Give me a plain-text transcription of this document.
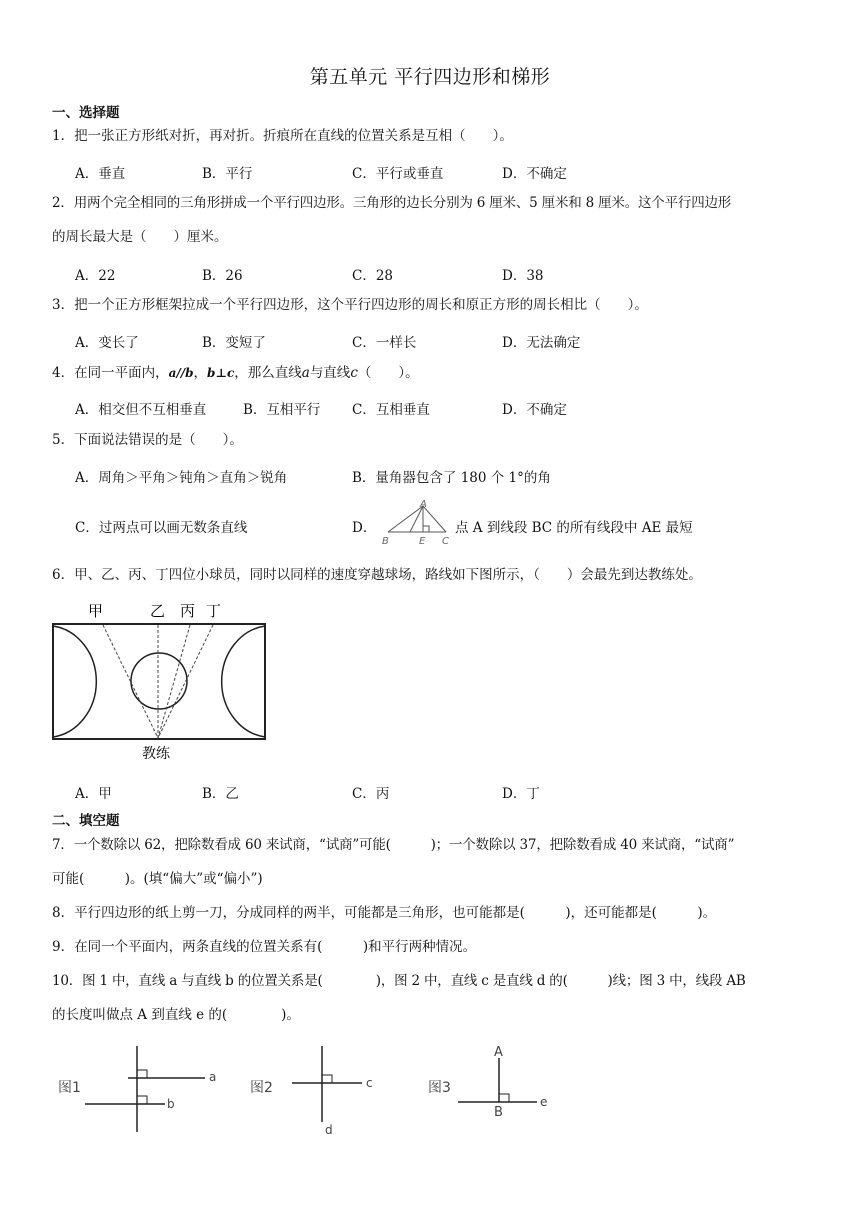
第五单元 平行四边形和梯形
一、选择题
1．把一张正方形纸对折，再对折。折痕所在直线的位置关系是互相（　　）。
A．垂直	B．平行	C．平行或垂直	D．不确定
2．用两个完全相同的三角形拼成一个平行四边形。三角形的边长分别为 6 厘米、5 厘米和 8 厘米。这个平行四边形
的周长最大是（　　）厘米。
A．22	B．26	C．28	D．38
3．把一个正方形框架拉成一个平行四边形，这个平行四边形的周长和原正方形的周长相比（　　）。
A．变长了	B．变短了	C．一样长	D．无法确定
4．在同一平面内，a//b，b⊥c，那么直线a与直线c（　　）。
A．相交但不互相垂直	B．互相平行 C．互相垂直	D．不确定
5．下面说法错误的是（　　）。
A．周角＞平角＞钝角＞直角＞锐角	B．量角器包含了 180 个 1°的角
C．过两点可以画无数条直线	D．
A
B	E C
点 A 到线段 BC 的所有线段中 AE 最短
6．甲、乙、丙、丁四位小球员，同时以同样的速度穿越球场，路线如下图所示，（　　）会最先到达教练处。
甲	乙 丙 丁
教练
A．甲	B．乙	C．丙	D．丁
二、填空题
7．一个数除以 62，把除数看成 60 来试商，“试商”可能(　　　)；一个数除以 37，把除数看成 40 来试商，“试商”
可能(　　　)。(填“偏大”或“偏小”)
8．平行四边形的纸上剪一刀，分成同样的两半，可能都是三角形，也可能都是(　　　)，还可能都是(　　　)。
9．在同一个平面内，两条直线的位置关系有(　　　)和平行两种情况。
10．图 1 中，直线 a 与直线 b 的位置关系是(　　　　)，图 2 中，直线 c 是直线 d 的(　　　)线；图 3 中，线段 AB
的长度叫做点 A 到直线 e 的(　　　　)。
图1
a
b
图2	c
d
图3
A
B
e
